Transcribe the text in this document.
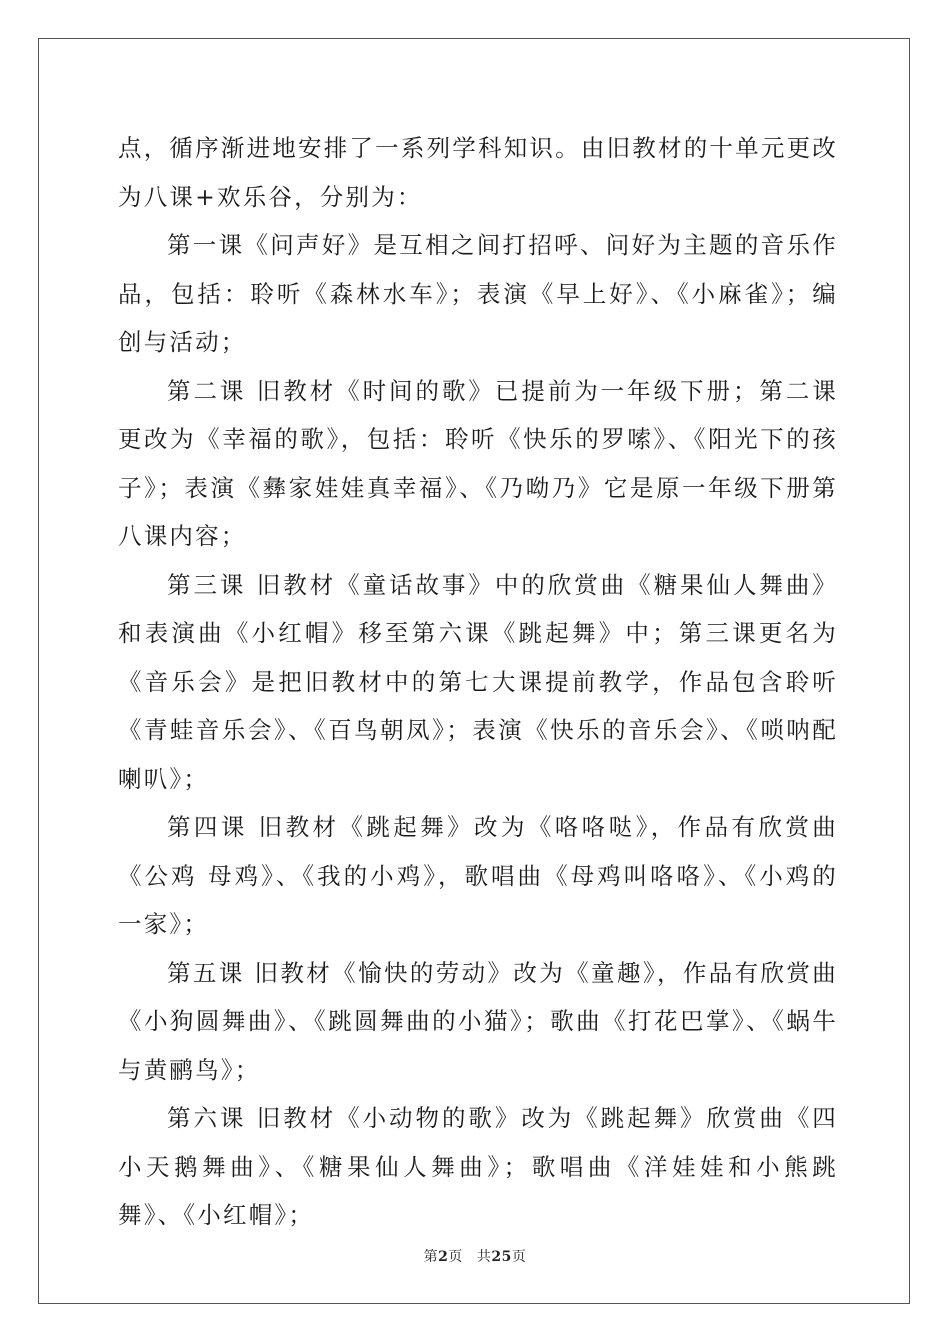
点，循序渐进地安排了一系列学科知识。由旧教材的十单元更改为八课+欢乐谷，分别为：

第一课《问声好》是互相之间打招呼、问好为主题的音乐作品，包括：聆听《森林水车》；表演《早上好》、《小麻雀》；编创与活动；

第二课 旧教材《时间的歌》已提前为一年级下册；第二课更改为《幸福的歌》，包括：聆听《快乐的罗嗦》、《阳光下的孩子》；表演《彝家娃娃真幸福》、《乃呦乃》它是原一年级下册第八课内容；

第三课 旧教材《童话故事》中的欣赏曲《糖果仙人舞曲》和表演曲《小红帽》移至第六课《跳起舞》中；第三课更名为《音乐会》是把旧教材中的第七大课提前教学，作品包含聆听《青蛙音乐会》、《百鸟朝凤》；表演《快乐的音乐会》、《唢呐配喇叭》；

第四课 旧教材《跳起舞》改为《咯咯哒》，作品有欣赏曲《公鸡 母鸡》、《我的小鸡》，歌唱曲《母鸡叫咯咯》、《小鸡的一家》；

第五课 旧教材《愉快的劳动》改为《童趣》，作品有欣赏曲《小狗圆舞曲》、《跳圆舞曲的小猫》；歌曲《打花巴掌》、《蜗牛与黄鹂鸟》；

第六课 旧教材《小动物的歌》改为《跳起舞》欣赏曲《四小天鹅舞曲》、《糖果仙人舞曲》；歌唱曲《洋娃娃和小熊跳舞》、《小红帽》；

第2页 共25页
